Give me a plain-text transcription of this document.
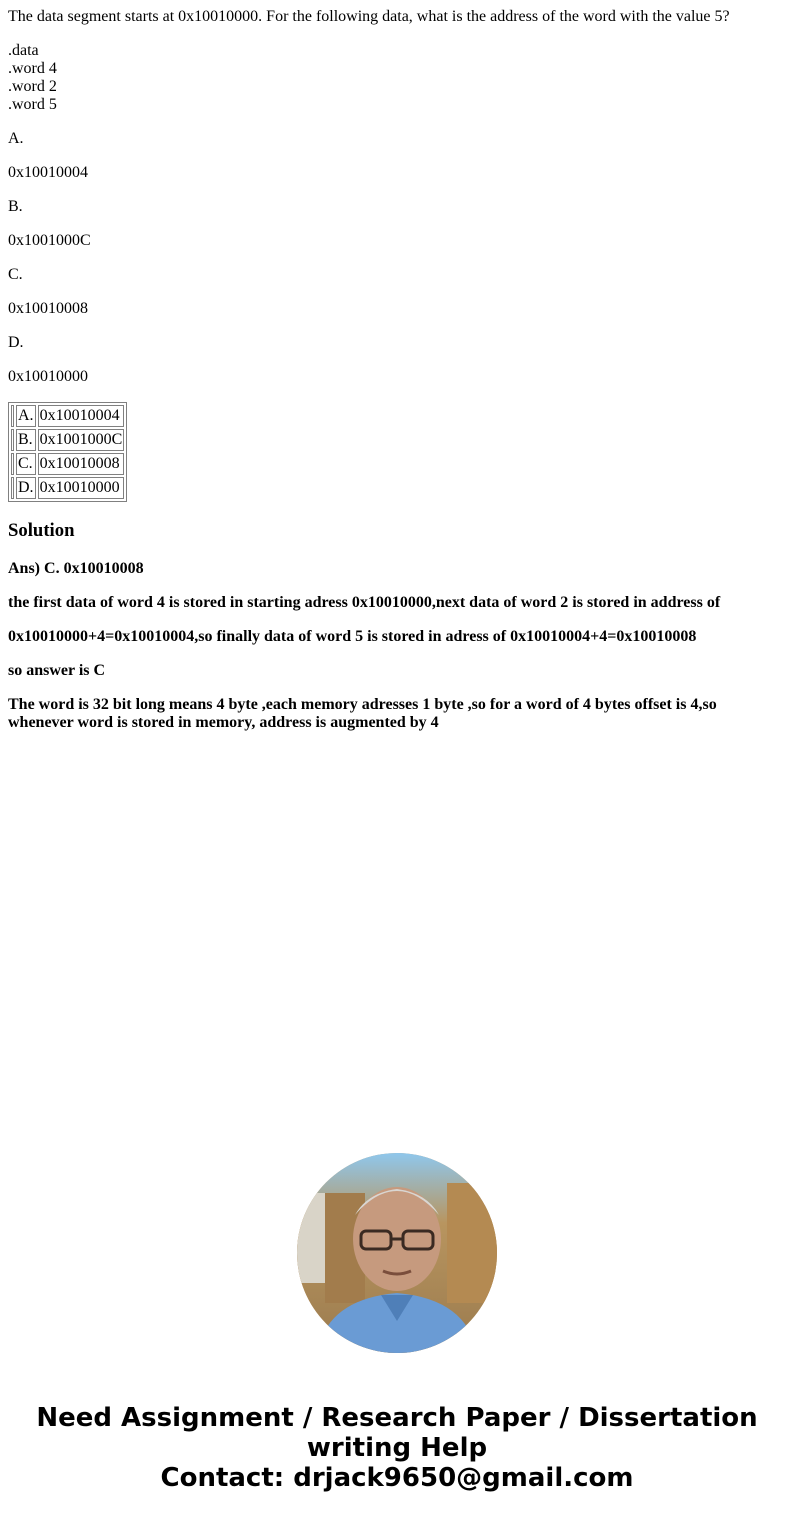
The data segment starts at 0x10010000. For the following data, what is the address of the word with the value 5?

.data
.word 4
.word 2
.word 5

A.

0x10010004

B.

0x1001000C

C.

0x10010008

D.

0x10010000

	A.	0x10010004
	B.	0x1001000C
	C.	0x10010008
	D.	0x10010000
Solution

Ans) C. 0x10010008

the first data of word 4 is stored in starting adress 0x10010000,next data of word 2 is stored in address of

0x10010000+4=0x10010004,so finally data of word 5 is stored in adress of 0x10010004+4=0x10010008

so answer is C

The word is 32 bit long means 4 byte ,each memory adresses 1 byte ,so for a word of 4 bytes offset is 4,so whenever word is stored in memory, address is augmented by 4

Need Assignment / Research Paper / Dissertation
writing Help
Contact: drjack9650@gmail.com
